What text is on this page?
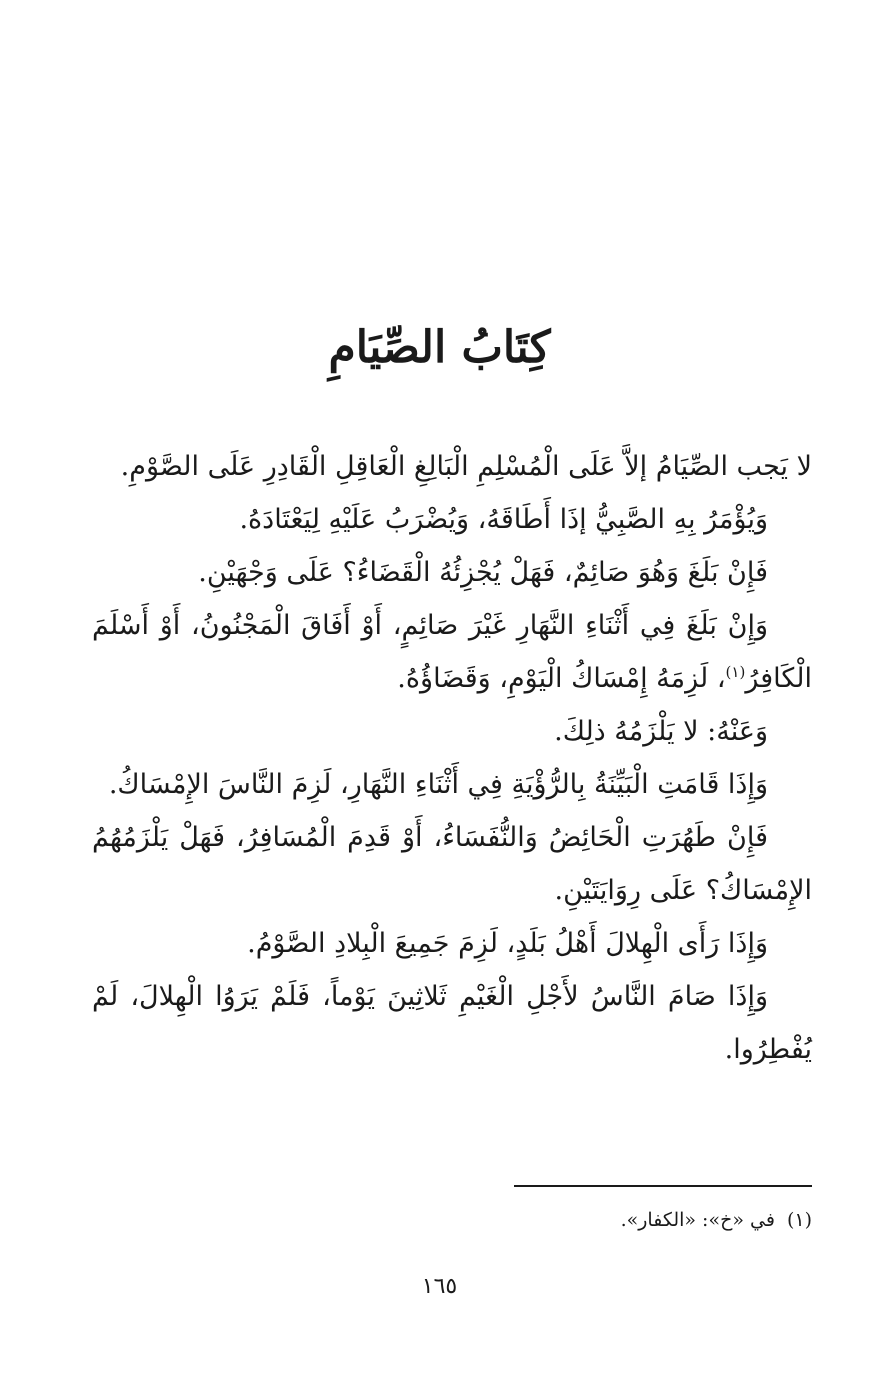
كِتَابُ الصِّيَامِ

لا يَجب الصِّيَامُ إلاَّ عَلَى الْمُسْلِمِ الْبَالِغِ الْعَاقِلِ الْقَادِرِ عَلَى الصَّوْمِ.

وَيُؤْمَرُ بِهِ الصَّبِيُّ إذَا أَطَاقَهُ، وَيُضْرَبُ عَلَيْهِ لِيَعْتَادَهُ.

فَإِنْ بَلَغَ وَهُوَ صَائِمٌ، فَهَلْ يُجْزِئُهُ الْقَضَاءُ؟ عَلَى وَجْهَيْنِ.

وَإِنْ بَلَغَ فِي أَثْنَاءِ النَّهَارِ غَيْرَ صَائِمٍ، أَوْ أَفَاقَ الْمَجْنُونُ، أَوْ أَسْلَمَ الْكَافِرُ$^{(١)}$، لَزِمَهُ إِمْسَاكُ الْيَوْمِ، وَقَضَاؤُهُ.

وَعَنْهُ: لا يَلْزَمُهُ ذلِكَ.

وَإِذَا قَامَتِ الْبَيِّنَةُ بِالرُّؤْيَةِ فِي أَثْنَاءِ النَّهَارِ، لَزِمَ النَّاسَ الإِمْسَاكُ.

فَإِنْ طَهُرَتِ الْحَائِضُ وَالنُّفَسَاءُ، أَوْ قَدِمَ الْمُسَافِرُ، فَهَلْ يَلْزَمُهُمُ الإِمْسَاكُ؟ عَلَى رِوَايَتَيْنِ.

وَإِذَا رَأَى الْهِلالَ أَهْلُ بَلَدٍ، لَزِمَ جَمِيعَ الْبِلادِ الصَّوْمُ.

وَإِذَا صَامَ النَّاسُ لأَجْلِ الْغَيْمِ ثَلاثِينَ يَوْماً، فَلَمْ يَرَوُا الْهِلالَ، لَمْ يُفْطِرُوا.

(١)في «خ»: «الكفار».

١٦٥
